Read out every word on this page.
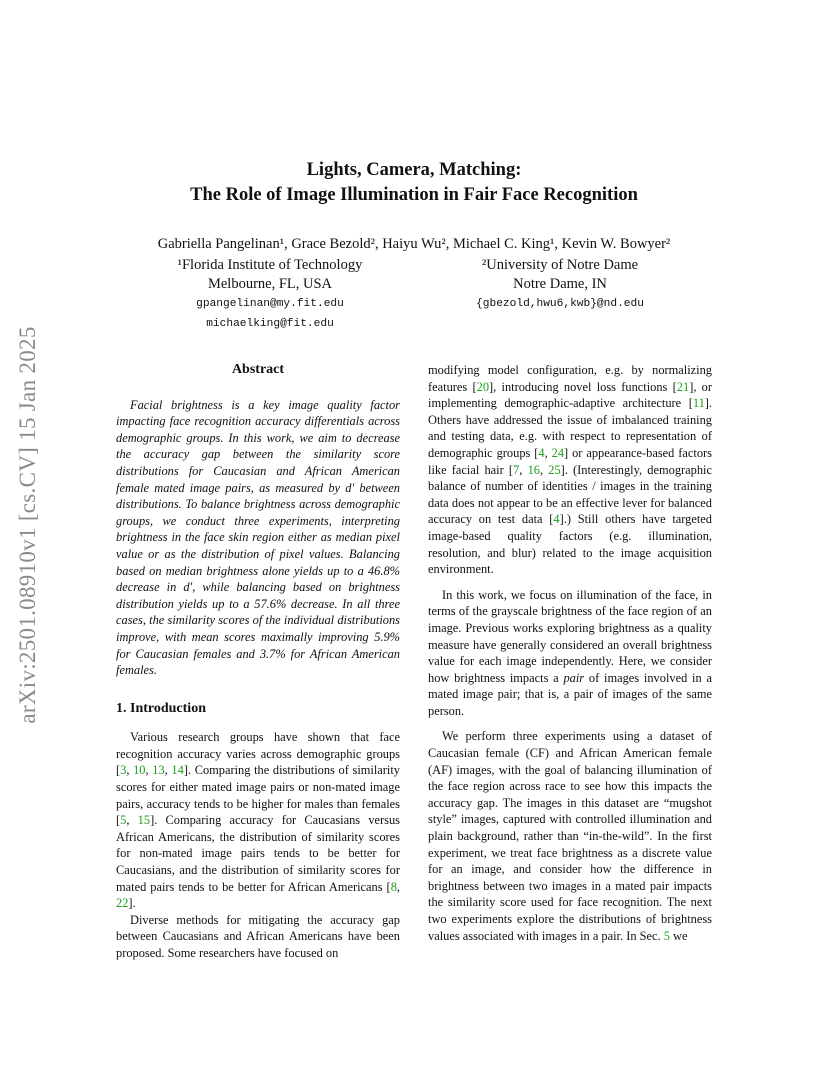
arXiv:2501.08910v1 [cs.CV] 15 Jan 2025
Lights, Camera, Matching:
The Role of Image Illumination in Fair Face Recognition
Gabriella Pangelinan¹, Grace Bezold², Haiyu Wu², Michael C. King¹, Kevin W. Bowyer²
¹Florida Institute of Technology
Melbourne, FL, USA
gpangelinan@my.fit.edu
michaelking@fit.edu
²University of Notre Dame
Notre Dame, IN
{gbezold,hwu6,kwb}@nd.edu
Abstract

Facial brightness is a key image quality factor impacting face recognition accuracy differentials across demographic groups. In this work, we aim to decrease the accuracy gap between the similarity score distributions for Caucasian and African American female mated image pairs, as measured by d′ between distributions. To balance brightness across demographic groups, we conduct three experiments, interpreting brightness in the face skin region either as median pixel value or as the distribution of pixel values. Balancing based on median brightness alone yields up to a 46.8% decrease in d′, while balancing based on brightness distribution yields up to a 57.6% decrease. In all three cases, the similarity scores of the individual distributions improve, with mean scores maximally improving 5.9% for Caucasian females and 3.7% for African American females.

1. Introduction

Various research groups have shown that face recognition accuracy varies across demographic groups [3, 10, 13, 14]. Comparing the distributions of similarity scores for either mated image pairs or non-mated image pairs, accuracy tends to be higher for males than females [5, 15]. Comparing accuracy for Caucasians versus African Americans, the distribution of similarity scores for non-mated image pairs tends to be better for Caucasians, and the distribution of similarity scores for mated pairs tends to be better for African Americans [8, 22].

Diverse methods for mitigating the accuracy gap between Caucasians and African Americans have been proposed. Some researchers have focused on

modifying model configuration, e.g. by normalizing features [20], introducing novel loss functions [21], or implementing demographic-adaptive architecture [11]. Others have addressed the issue of imbalanced training and testing data, e.g. with respect to representation of demographic groups [4, 24] or appearance-based factors like facial hair [7, 16, 25]. (Interestingly, demographic balance of number of identities / images in the training data does not appear to be an effective lever for balanced accuracy on test data [4].) Still others have targeted image-based quality factors (e.g. illumination, resolution, and blur) related to the image acquisition environment.

In this work, we focus on illumination of the face, in terms of the grayscale brightness of the face region of an image. Previous works exploring brightness as a quality measure have generally considered an overall brightness value for each image independently. Here, we consider how brightness impacts a pair of images involved in a mated image pair; that is, a pair of images of the same person.

We perform three experiments using a dataset of Caucasian female (CF) and African American female (AF) images, with the goal of balancing illumination of the face region across race to see how this impacts the accuracy gap. The images in this dataset are “mugshot style” images, captured with controlled illumination and plain background, rather than “in-the-wild”. In the first experiment, we treat face brightness as a discrete value for an image, and consider how the difference in brightness between two images in a mated pair impacts the similarity score used for face recognition. The next two experiments explore the distributions of brightness values associated with images in a pair. In Sec. 5 we
